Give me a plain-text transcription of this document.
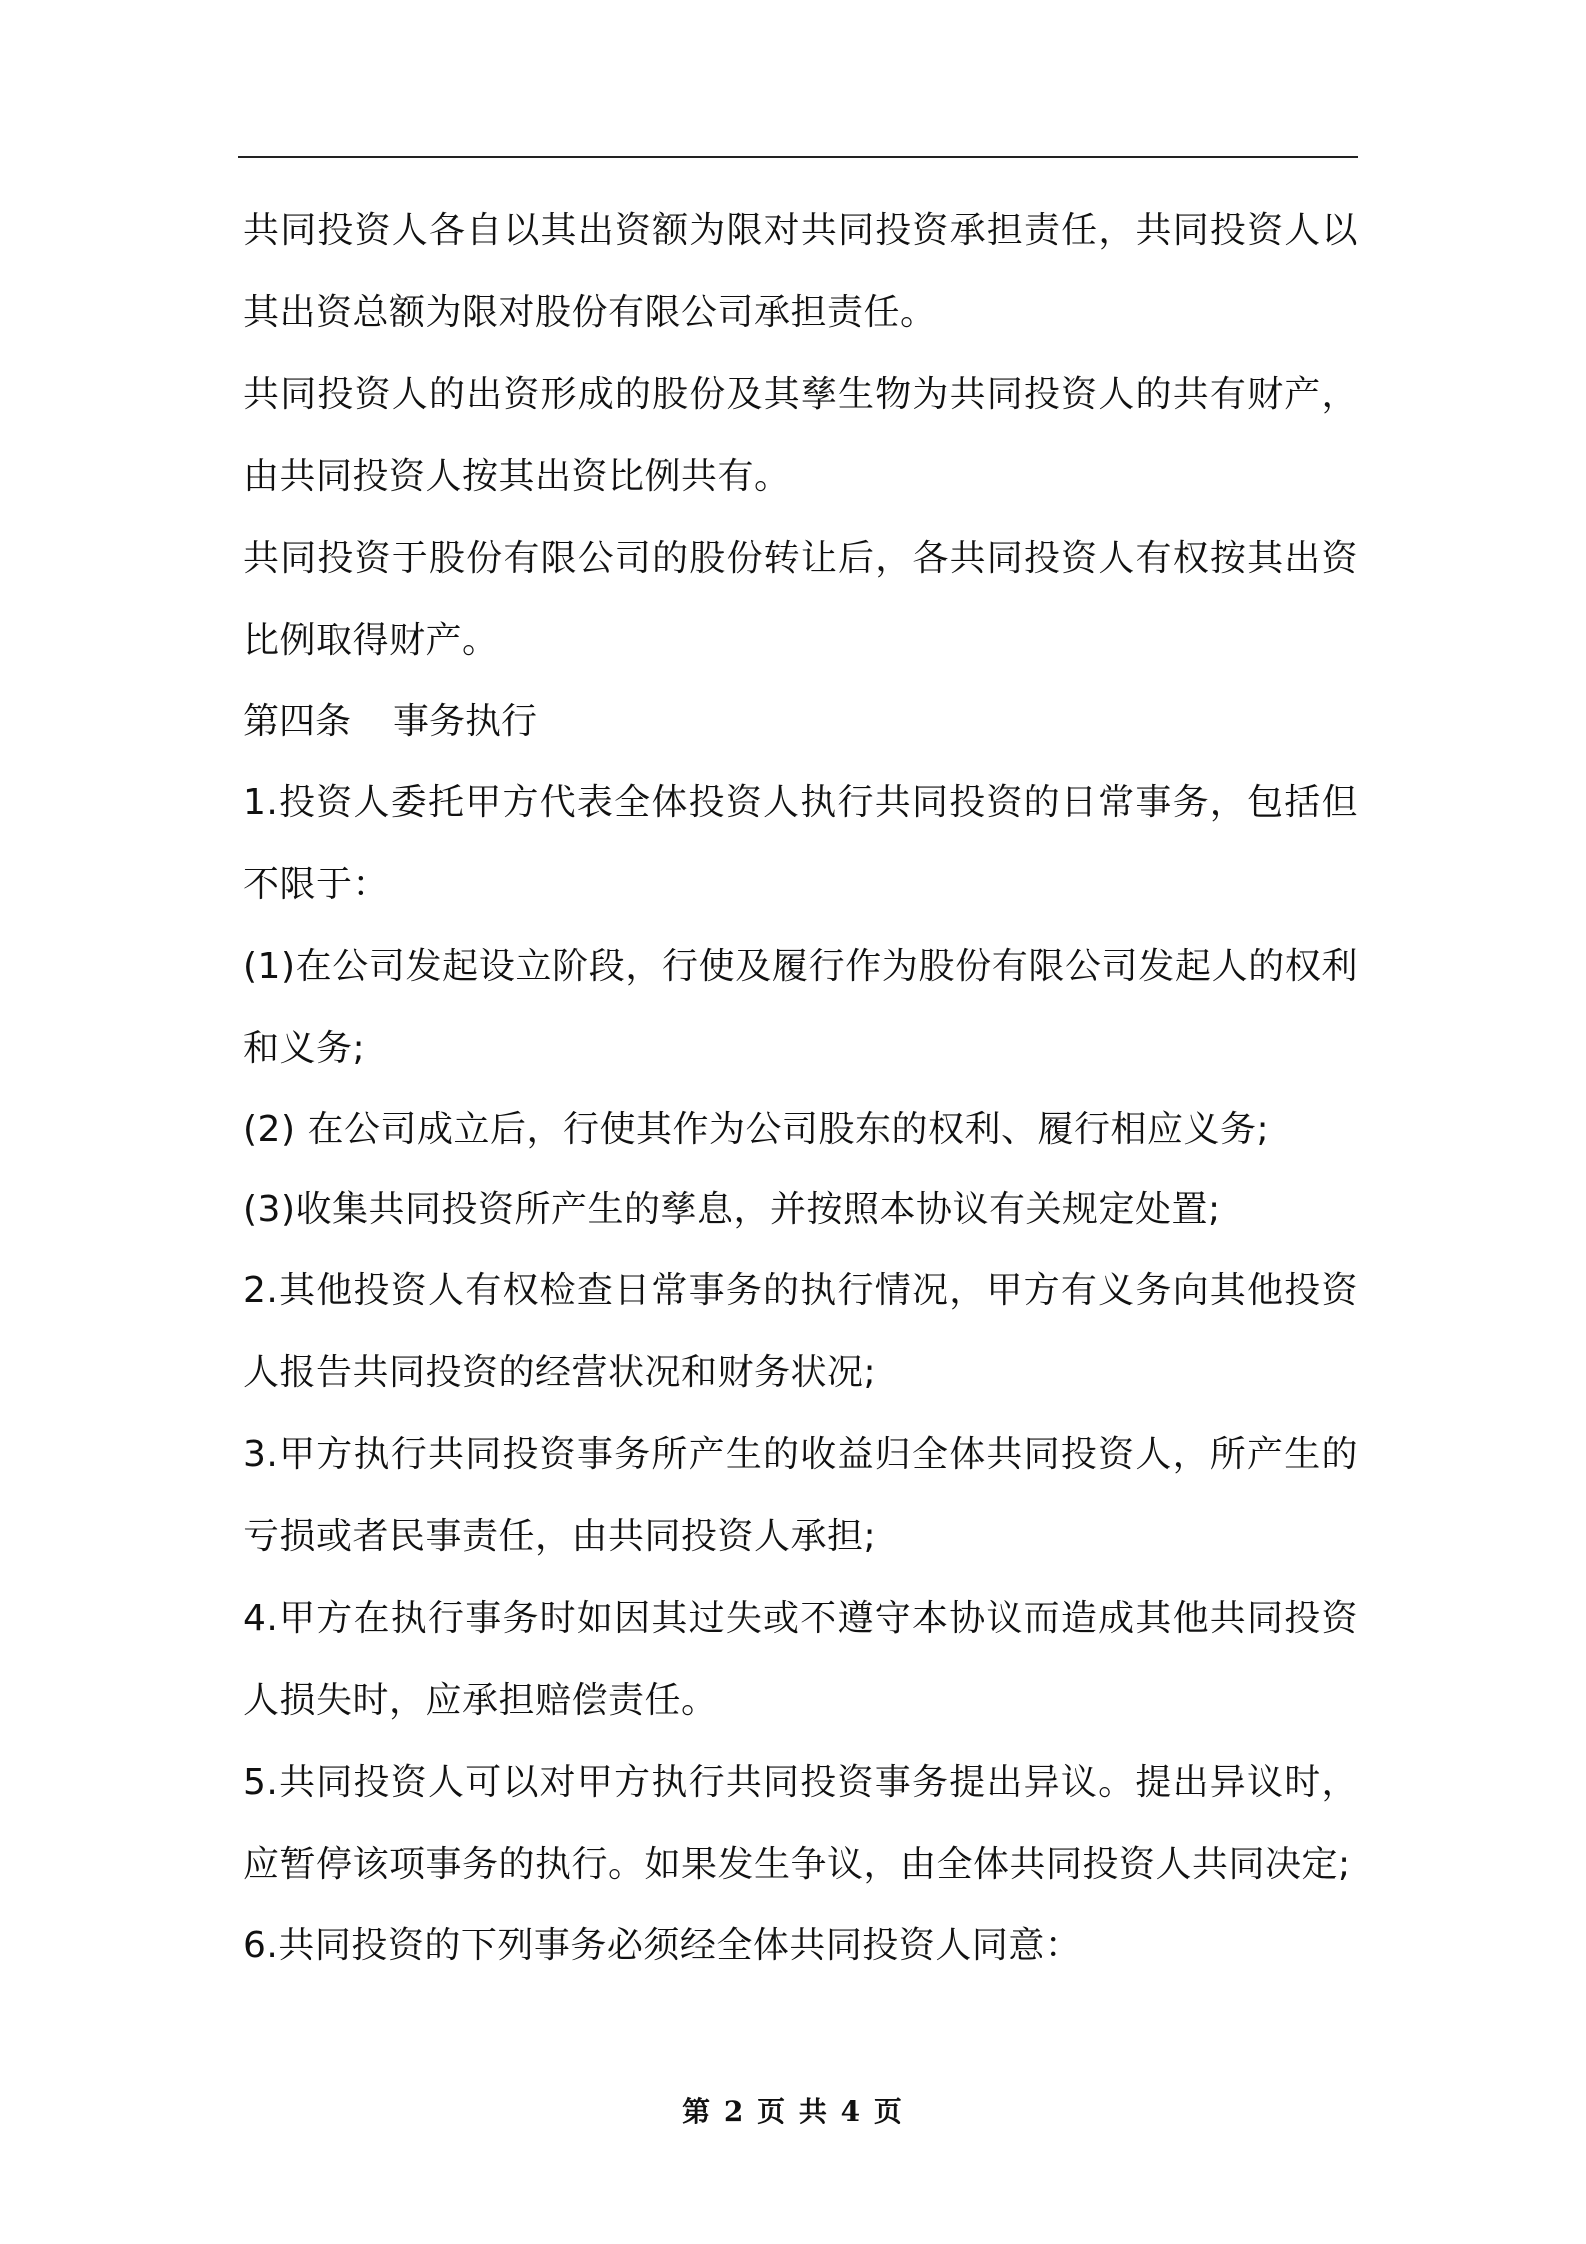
共同投资人各自以其出资额为限对共同投资承担责任，共同投资人以其出资总额为限对股份有限公司承担责任。

共同投资人的出资形成的股份及其孳生物为共同投资人的共有财产，由共同投资人按其出资比例共有。

共同投资于股份有限公司的股份转让后，各共同投资人有权按其出资比例取得财产。

第四条 事务执行

1.投资人委托甲方代表全体投资人执行共同投资的日常事务，包括但不限于：

(1)在公司发起设立阶段，行使及履行作为股份有限公司发起人的权利和义务;

(2) 在公司成立后，行使其作为公司股东的权利、履行相应义务;

(3)收集共同投资所产生的孳息，并按照本协议有关规定处置;

2.其他投资人有权检查日常事务的执行情况，甲方有义务向其他投资人报告共同投资的经营状况和财务状况;

3.甲方执行共同投资事务所产生的收益归全体共同投资人，所产生的亏损或者民事责任，由共同投资人承担;

4.甲方在执行事务时如因其过失或不遵守本协议而造成其他共同投资人损失时，应承担赔偿责任。

5.共同投资人可以对甲方执行共同投资事务提出异议。提出异议时，应暂停该项事务的执行。如果发生争议，由全体共同投资人共同决定;

6.共同投资的下列事务必须经全体共同投资人同意：

第 2 页 共 4 页
